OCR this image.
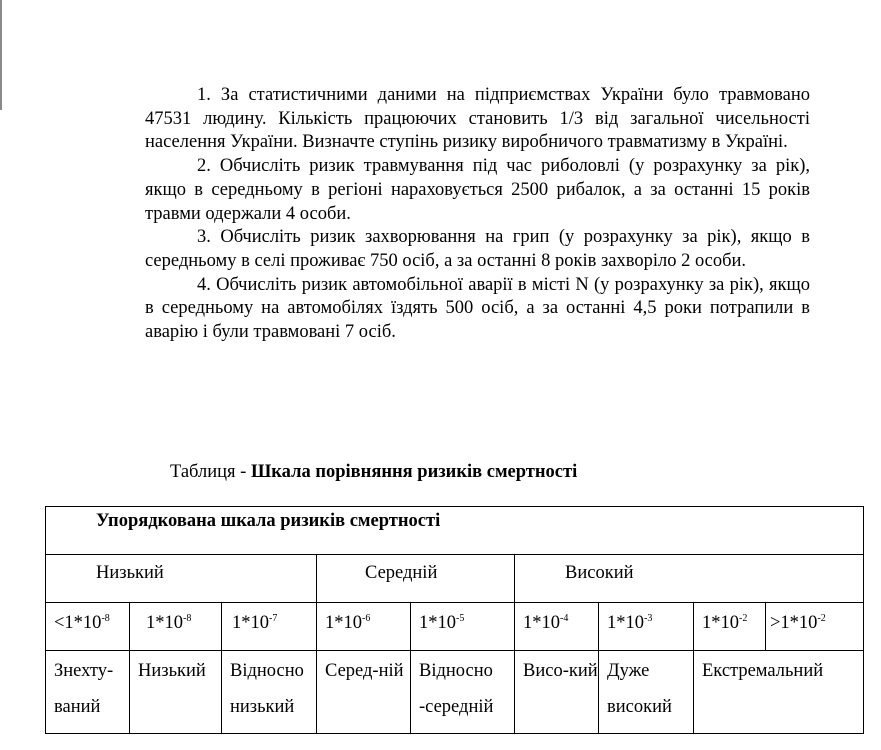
1. За статистичними даними на підприємствах України було травмовано 47531 людину. Кількість працюючих становить 1/3 від загальної чисельності населення України. Визначте ступінь ризику виробничого травматизму в Україні.

2. Обчисліть ризик травмування під час риболовлі (у розрахунку за рік), якщо в середньому в регіоні нараховується 2500 рибалок, а за останні 15 років травми одержали 4 особи.

3. Обчисліть ризик захворювання на грип (у розрахунку за рік), якщо в середньому в селі проживає 750 осіб, а за останні 8 років захворіло 2 особи.

4. Обчисліть ризик автомобільної аварії в місті N (у розрахунку за рік), якщо в середньому на автомобілях їздять 500 осіб, а за останні 4,5 роки потрапили в аварію і були травмовані 7 осіб.

Таблиця - Шкала порівняння ризиків смертності
Упорядкована шкала ризиків смертності								

Низький			Середній		Високий			

$<1*10^{-8}$	$1*10^{-8}$	$1*10^{-7}$	$1*10^{-6}$	$1*10^{-5}$	$1*10^{-4}$	$1*10^{-3}$	$1*10^{-2}$	$>1*10^{-2}$

Знехту-ваний	Низький	Відносно низький	Серед-ній	Відносно -середній	Висо-кий	Дуже високий	Екстремальний	
